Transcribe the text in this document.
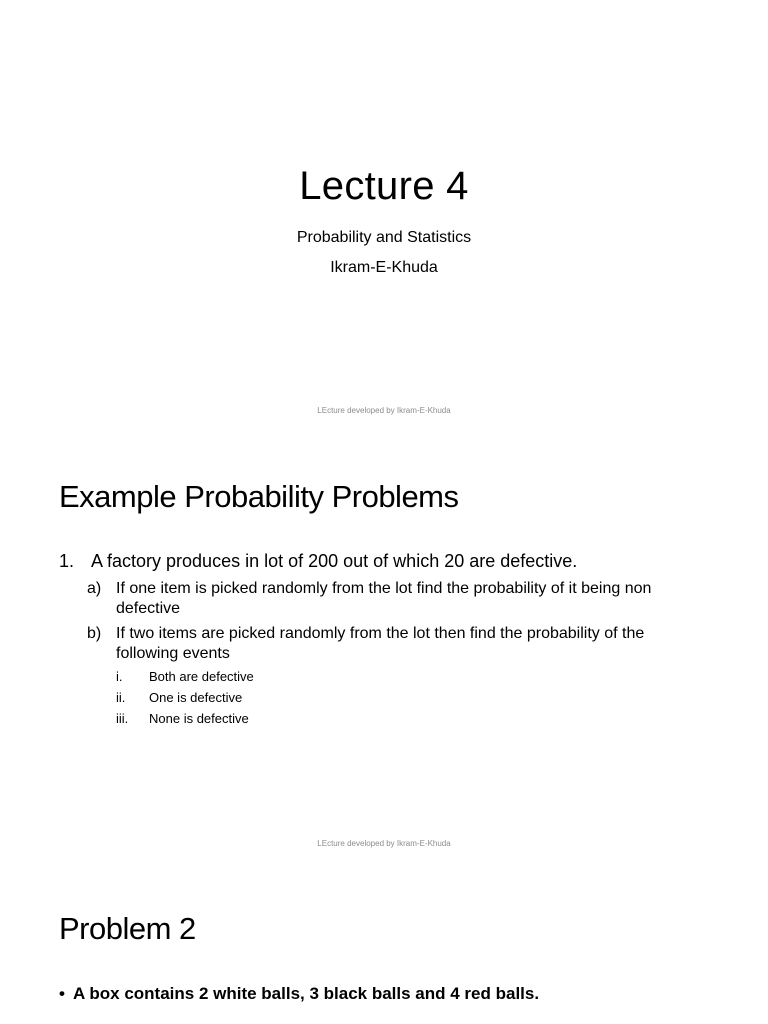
Lecture 4
Probability and Statistics
Ikram-E-Khuda
LEcture developed by Ikram-E-Khuda
Example Probability Problems
1. A factory produces in lot of 200 out of which 20 are defective.
a) If one item is picked randomly from the lot find the probability of it being non defective
b) If two items are picked randomly from the lot then find the probability of the following events
i.	Both are defective
ii.	One is defective
iii.	None is defective
LEcture developed by Ikram-E-Khuda
Problem 2
• A box contains 2 white balls, 3 black balls and 4 red balls.
